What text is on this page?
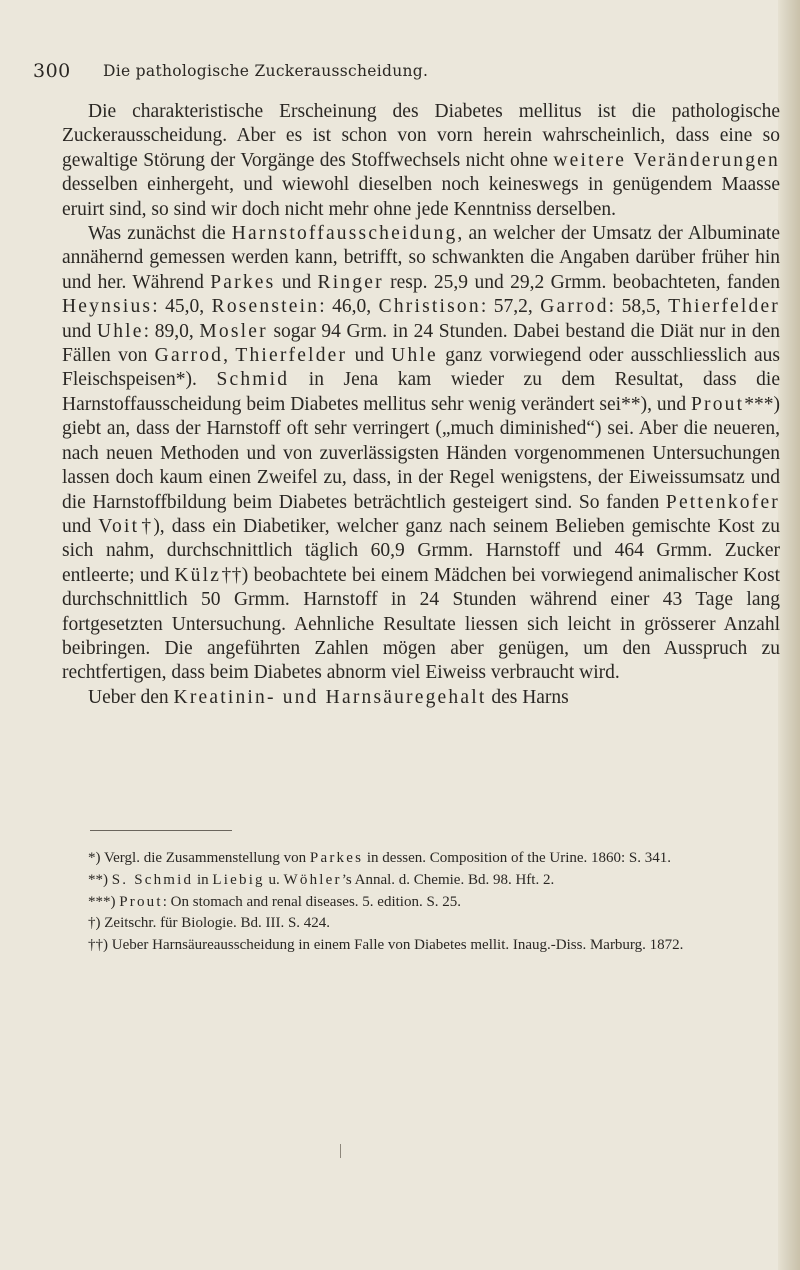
300 Die pathologische Zuckerausscheidung.

Die charakteristische Erscheinung des Diabetes mellitus ist die pathologische Zuckerausscheidung. Aber es ist schon von vorn herein wahrscheinlich, dass eine so gewaltige Störung der Vorgänge des Stoffwechsels nicht ohne weitere Veränderungen desselben einhergeht, und wiewohl dieselben noch keineswegs in genügendem Maasse eruirt sind, so sind wir doch nicht mehr ohne jede Kenntniss derselben.

Was zunächst die Harnstoffausscheidung, an welcher der Umsatz der Albuminate annähernd gemessen werden kann, betrifft, so schwankten die Angaben darüber früher hin und her. Während Parkes und Ringer resp. 25,9 und 29,2 Grmm. beobachteten, fanden Heynsius: 45,0, Rosenstein: 46,0, Christison: 57,2, Garrod: 58,5, Thierfelder und Uhle: 89,0, Mosler sogar 94 Grm. in 24 Stunden. Dabei bestand die Diät nur in den Fällen von Garrod, Thierfelder und Uhle ganz vorwiegend oder ausschliesslich aus Fleischspeisen*). Schmid in Jena kam wieder zu dem Resultat, dass die Harnstoffausscheidung beim Diabetes mellitus sehr wenig verändert sei**), und Prout***) giebt an, dass der Harnstoff oft sehr verringert („much diminished“) sei. Aber die neueren, nach neuen Methoden und von zuverlässigsten Händen vorgenommenen Untersuchungen lassen doch kaum einen Zweifel zu, dass, in der Regel wenigstens, der Eiweissumsatz und die Harnstoffbildung beim Diabetes beträchtlich gesteigert sind. So fanden Pettenkofer und Voit†), dass ein Diabetiker, welcher ganz nach seinem Belieben gemischte Kost zu sich nahm, durchschnittlich täglich 60,9 Grmm. Harnstoff und 464 Grmm. Zucker entleerte; und Külz††) beobachtete bei einem Mädchen bei vorwiegend animalischer Kost durchschnittlich 50 Grmm. Harnstoff in 24 Stunden während einer 43 Tage lang fortgesetzten Untersuchung. Aehnliche Resultate liessen sich leicht in grösserer Anzahl beibringen. Die angeführten Zahlen mögen aber genügen, um den Ausspruch zu rechtfertigen, dass beim Diabetes abnorm viel Eiweiss verbraucht wird.

Ueber den Kreatinin- und Harnsäuregehalt des Harns

*) Vergl. die Zusammenstellung von Parkes in dessen. Composition of the Urine. 1860: S. 341.

**) S. Schmid in Liebig u. Wöhler’s Annal. d. Chemie. Bd. 98. Hft. 2.

***) Prout: On stomach and renal diseases. 5. edition. S. 25.

†) Zeitschr. für Biologie. Bd. III. S. 424.

††) Ueber Harnsäureausscheidung in einem Falle von Diabetes mellit. Inaug.-Diss. Marburg. 1872.
